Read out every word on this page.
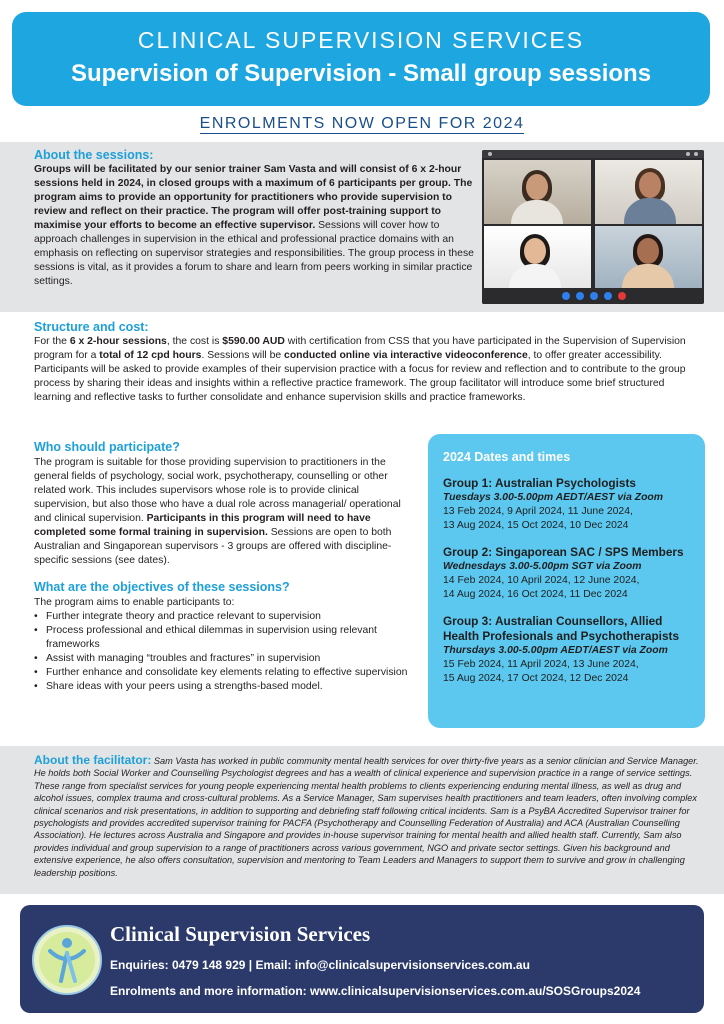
CLINICAL SUPERVISION SERVICES
Supervision of Supervision - Small group sessions
ENROLMENTS NOW OPEN FOR 2024
About the sessions:

Groups will be facilitated by our senior trainer Sam Vasta and will consist of 6 x 2-hour sessions held in 2024, in closed groups with a maximum of 6 participants per group. The program aims to provide an opportunity for practitioners who provide supervision to review and reflect on their practice. The program will offer post-training support to maximise your efforts to become an effective supervisor. Sessions will cover how to approach challenges in supervision in the ethical and professional practice domains with an emphasis on reflecting on supervisor strategies and responsibilities. The group process in these sessions is vital, as it provides a forum to share and learn from peers working in similar practice settings.

Structure and cost:

For the 6 x 2-hour sessions, the cost is $590.00 AUD with certification from CSS that you have participated in the Supervision of Supervision program for a total of 12 cpd hours. Sessions will be conducted online via interactive videoconference, to offer greater accessibility. Participants will be asked to provide examples of their supervision practice with a focus for review and reflection and to contribute to the group process by sharing their ideas and insights within a reflective practice framework. The group facilitator will introduce some brief structured learning and reflective tasks to further consolidate and enhance supervision skills and practice frameworks.

Who should participate?

The program is suitable for those providing supervision to practitioners in the general fields of psychology, social work, psychotherapy, counselling or other related work. This includes supervisors whose role is to provide clinical supervision, but also those who have a dual role across managerial/ operational and clinical supervision. Participants in this program will need to have completed some formal training in supervision. Sessions are open to both Australian and Singaporean supervisors - 3 groups are offered with discipline-specific sessions (see dates).

What are the objectives of these sessions?

The program aims to enable participants to:

• Further integrate theory and practice relevant to supervision
• Process professional and ethical dilemmas in supervision using relevant frameworks
• Assist with managing “troubles and fractures” in supervision
• Further enhance and consolidate key elements relating to effective supervision
• Share ideas with your peers using a strengths-based model.
2024 Dates and times
Group 1: Australian Psychologists
Tuesdays 3.00-5.00pm AEDT/AEST via Zoom
13 Feb 2024, 9 April 2024, 11 June 2024,
13 Aug 2024, 15 Oct 2024, 10 Dec 2024
Group 2: Singaporean SAC / SPS Members
Wednesdays 3.00-5.00pm SGT via Zoom
14 Feb 2024, 10 April 2024, 12 June 2024,
14 Aug 2024, 16 Oct 2024, 11 Dec 2024
Group 3: Australian Counsellors, Allied Health Profesionals and Psychotherapists
Thursdays 3.00-5.00pm AEDT/AEST via Zoom
15 Feb 2024, 11 April 2024, 13 June 2024,
15 Aug 2024, 17 Oct 2024, 12 Dec 2024

About the facilitator: Sam Vasta has worked in public community mental health services for over thirty-five years as a senior clinician and Service Manager. He holds both Social Worker and Counselling Psychologist degrees and has a wealth of clinical experience and supervision practice in a range of service settings. These range from specialist services for young people experiencing mental health problems to clients experiencing enduring mental illness, as well as drug and alcohol issues, complex trauma and cross-cultural problems. As a Service Manager, Sam supervises health practitioners and team leaders, often involving complex clinical scenarios and risk presentations, in addition to supporting and debriefing staff following critical incidents. Sam is a PsyBA Accredited Supervisor trainer for psychologists and provides accredited supervisor training for PACFA (Psychotherapy and Counselling Federation of Australia) and ACA (Australian Counselling Association). He lectures across Australia and Singapore and provides in-house supervisor training for mental health and allied health staff. Currently, Sam also provides individual and group supervision to a range of practitioners across various government, NGO and private sector settings. Given his background and extensive experience, he also offers consultation, supervision and mentoring to Team Leaders and Managers to support them to survive and grow in challenging leadership positions.

Clinical Supervision Services
Enquiries: 0479 148 929 | Email: info@clinicalsupervisionservices.com.au
Enrolments and more information: www.clinicalsupervisionservices.com.au/SOSGroups2024
